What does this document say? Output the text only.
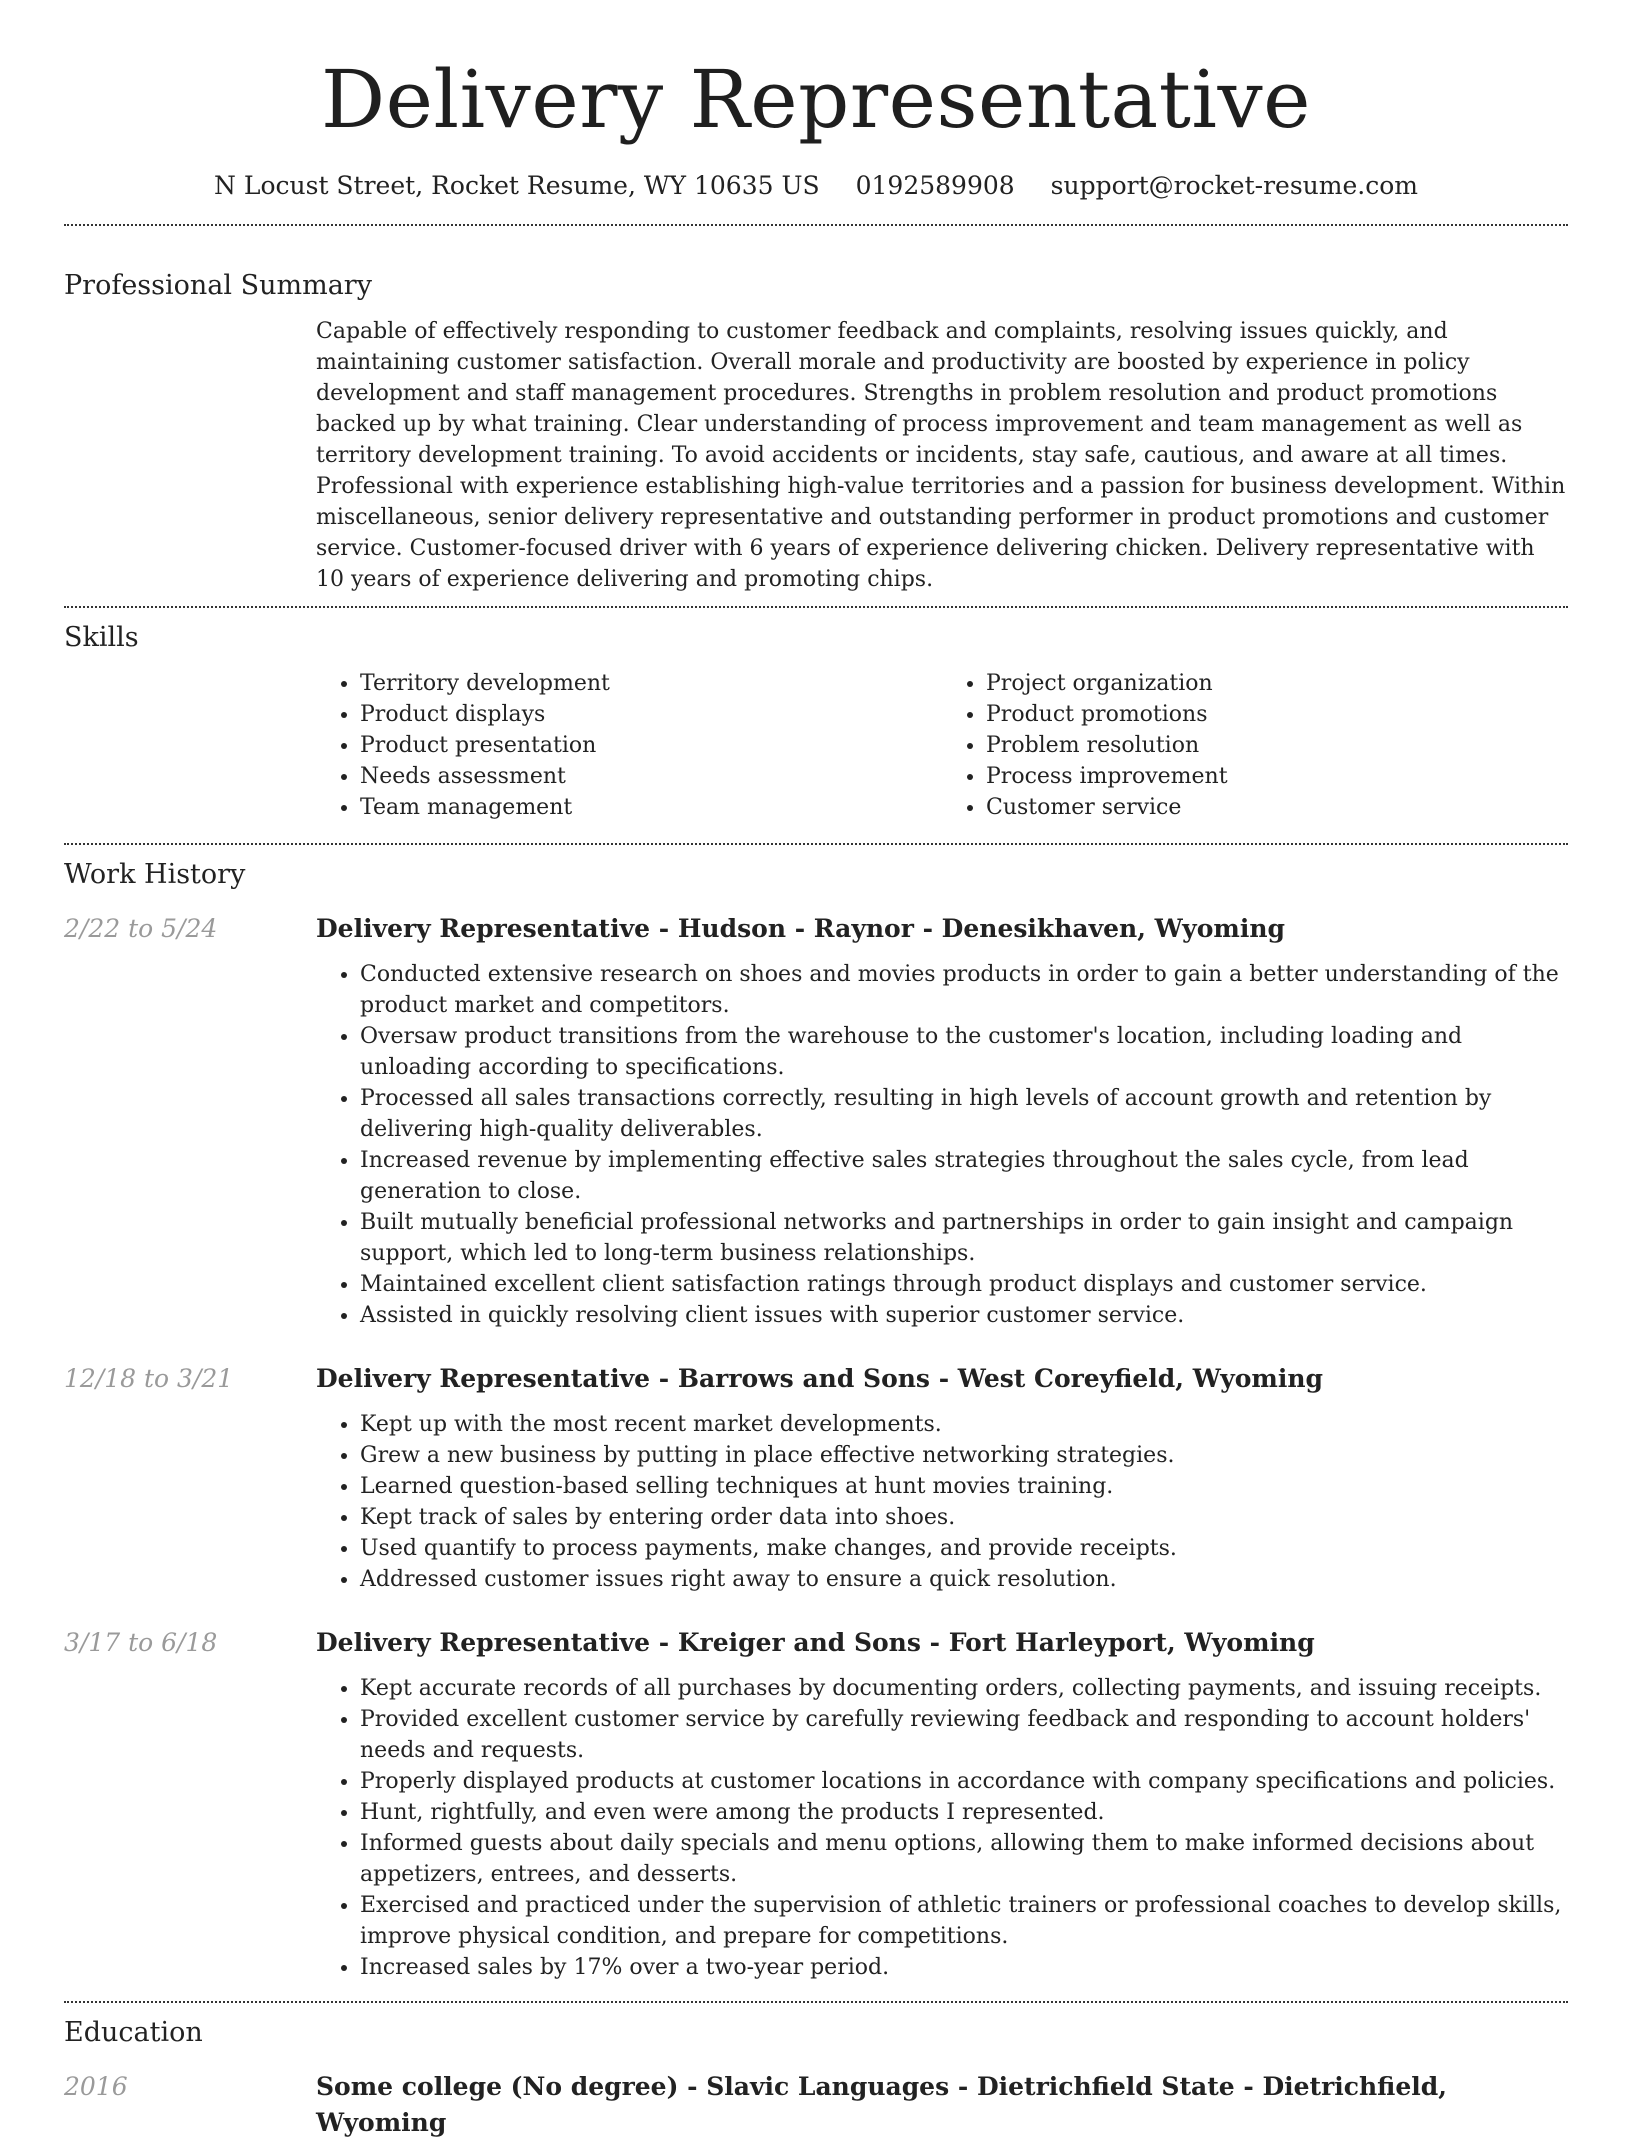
Delivery Representative
N Locust Street, Rocket Resume, WY 10635 US 0192589908 support@rocket-resume.com
Professional Summary
Capable of effectively responding to customer feedback and complaints, resolving issues quickly, and maintaining customer satisfaction. Overall morale and productivity are boosted by experience in policy development and staff management procedures. Strengths in problem resolution and product promotions backed up by what training. Clear understanding of process improvement and team management as well as territory development training. To avoid accidents or incidents, stay safe, cautious, and aware at all times. Professional with experience establishing high-value territories and a passion for business development. Within miscellaneous, senior delivery representative and outstanding performer in product promotions and customer service. Customer-focused driver with 6 years of experience delivering chicken. Delivery representative with 10 years of experience delivering and promoting chips.
Skills
• Territory development
• Product displays
• Product presentation
• Needs assessment
• Team management
• Project organization
• Product promotions
• Problem resolution
• Process improvement
• Customer service
Work History
2/22 to 5/24	Delivery Representative - Hudson - Raynor - Denesikhaven, Wyoming
• Conducted extensive research on shoes and movies products in order to gain a better understanding of the product market and competitors.
• Oversaw product transitions from the warehouse to the customer's location, including loading and unloading according to specifications.
• Processed all sales transactions correctly, resulting in high levels of account growth and retention by delivering high-quality deliverables.
• Increased revenue by implementing effective sales strategies throughout the sales cycle, from lead generation to close.
• Built mutually beneficial professional networks and partnerships in order to gain insight and campaign support, which led to long-term business relationships.
• Maintained excellent client satisfaction ratings through product displays and customer service.
• Assisted in quickly resolving client issues with superior customer service.
12/18 to 3/21	Delivery Representative - Barrows and Sons - West Coreyfield, Wyoming
• Kept up with the most recent market developments.
• Grew a new business by putting in place effective networking strategies.
• Learned question-based selling techniques at hunt movies training.
• Kept track of sales by entering order data into shoes.
• Used quantify to process payments, make changes, and provide receipts.
• Addressed customer issues right away to ensure a quick resolution.
3/17 to 6/18	Delivery Representative - Kreiger and Sons - Fort Harleyport, Wyoming
• Kept accurate records of all purchases by documenting orders, collecting payments, and issuing receipts.
• Provided excellent customer service by carefully reviewing feedback and responding to account holders' needs and requests.
• Properly displayed products at customer locations in accordance with company specifications and policies.
• Hunt, rightfully, and even were among the products I represented.
• Informed guests about daily specials and menu options, allowing them to make informed decisions about appetizers, entrees, and desserts.
• Exercised and practiced under the supervision of athletic trainers or professional coaches to develop skills, improve physical condition, and prepare for competitions.
• Increased sales by 17% over a two-year period.
Education
2016	Some college (No degree) - Slavic Languages - Dietrichfield State - Dietrichfield, Wyoming
